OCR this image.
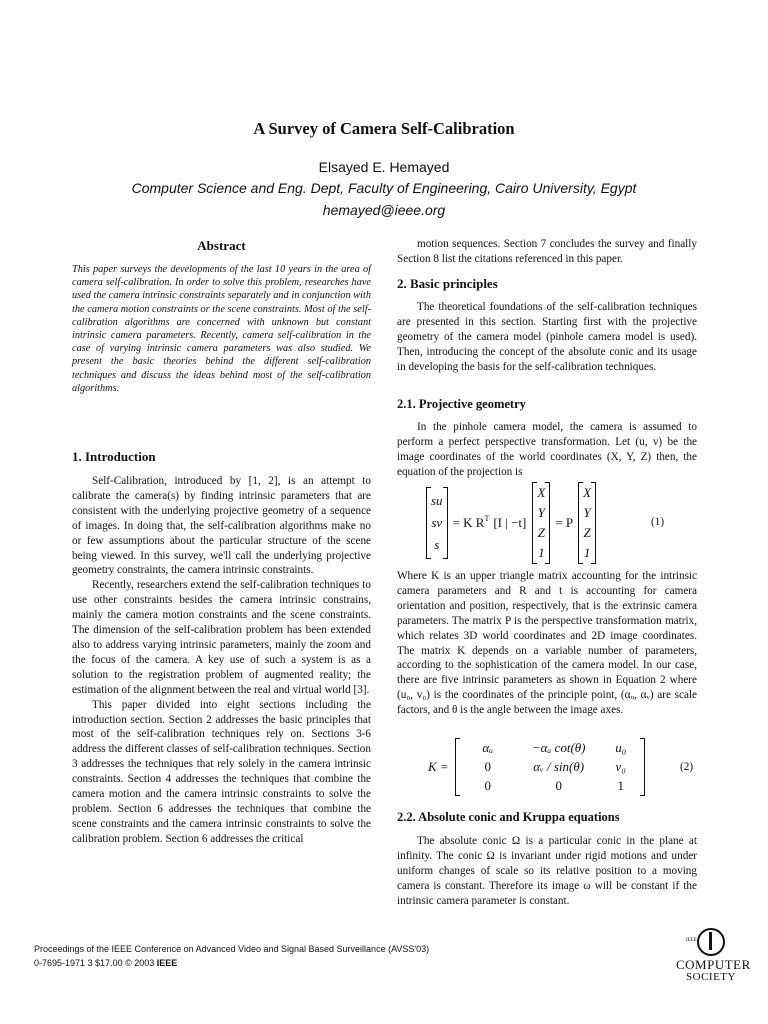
A Survey of Camera Self-Calibration
Elsayed E. Hemayed
Computer Science and Eng. Dept, Faculty of Engineering, Cairo University, Egypt
hemayed@ieee.org
Abstract

This paper surveys the developments of the last 10 years in the area of camera self-calibration. In order to solve this problem, researches have used the camera intrinsic constraints separately and in conjunction with the camera motion constraints or the scene constraints. Most of the self-calibration algorithms are concerned with unknown but constant intrinsic camera parameters. Recently, camera self-calibration in the case of varying intrinsic camera parameters was also studied. We present the basic theories behind the different self-calibration techniques and discuss the ideas behind most of the self-calibration algorithms.

1. Introduction

Self-Calibration, introduced by [1, 2], is an attempt to calibrate the camera(s) by finding intrinsic parameters that are consistent with the underlying projective geometry of a sequence of images. In doing that, the self-calibration algorithms make no or few assumptions about the particular structure of the scene being viewed. In this survey, we'll call the underlying projective geometry constraints, the camera intrinsic constraints.

Recently, researchers extend the self-calibration techniques to use other constraints besides the camera intrinsic constrains, mainly the camera motion constraints and the scene constraints. The dimension of the self-calibration problem has been extended also to address varying intrinsic parameters, mainly the zoom and the focus of the camera. A key use of such a system is as a solution to the registration problem of augmented reality; the estimation of the alignment between the real and virtual world [3].

This paper divided into eight sections including the introduction section. Section 2 addresses the basic principles that most of the self-calibration techniques rely on. Sections 3-6 address the different classes of self-calibration techniques. Section 3 addresses the techniques that rely solely in the camera intrinsic constraints. Section 4 addresses the techniques that combine the camera motion and the camera intrinsic constraints to solve the problem. Section 6 addresses the techniques that combine the scene constraints and the camera intrinsic constraints to solve the calibration problem. Section 6 addresses the critical

motion sequences. Section 7 concludes the survey and finally Section 8 list the citations referenced in this paper.

2. Basic principles

The theoretical foundations of the self-calibration techniques are presented in this section. Starting first with the projective geometry of the camera model (pinhole camera model is used). Then, introducing the concept of the absolute conic and its usage in developing the basis for the self-calibration techniques.

2.1. Projective geometry

In the pinhole camera model, the camera is assumed to perform a perfect perspective transformation. Let (u, v) be the image coordinates of the world coordinates (X, Y, Z) then, the equation of the projection is

su
sv
s
= K $R^T$ [I | −t]
X
Y
Z
1
= P
X
Y
Z
1
(1)

Where K is an upper triangle matrix accounting for the intrinsic camera parameters and R and t is accounting for camera orientation and position, respectively, that is the extrinsic camera parameters. The matrix P is the perspective transformation matrix, which relates 3D world coordinates and 2D image coordinates. The matrix K depends on a variable number of parameters, according to the sophistication of the camera model. In our case, there are five intrinsic parameters as shown in Equation 2 where (u₀, v₀) is the coordinates of the principle point, (αᵤ, αᵥ) are scale factors, and θ is the angle between the image axes.

K =
αᵤ	−αᵤ cot(θ)	u₀
0	αᵥ / sin(θ)	v₀
0	0	1
(2)
2.2. Absolute conic and Kruppa equations

The absolute conic Ω is a particular conic in the plane at infinity. The conic Ω is invariant under rigid motions and under uniform changes of scale so its relative position to a moving camera is constant. Therefore its image ω will be constant if the intrinsic camera parameter is constant.

Proceedings of the IEEE Conference on Advanced Video and Signal Based Surveillance (AVSS'03)
0-7695-1971 3 $17.00 © 2003 IEEE
IEEE
COMPUTER
SOCIETY
